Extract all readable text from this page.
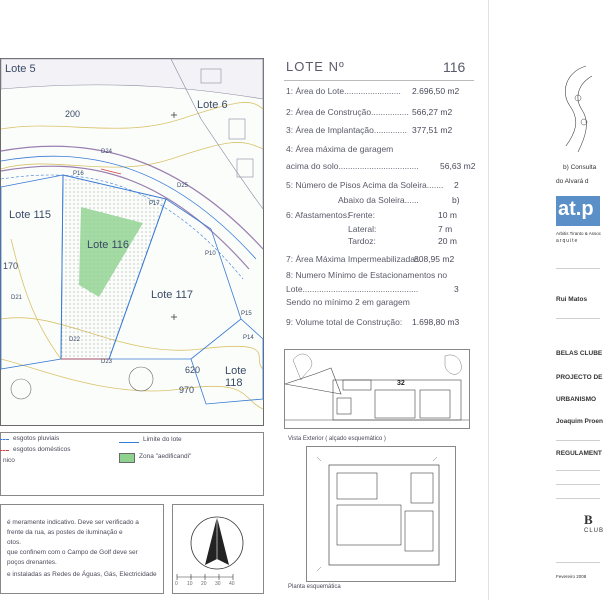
Lote 5
Lote 6
Lote 115
Lote 116
Lote 117
Lote 118
200
170
970
620
D21
D22
D23
D24
D25
P16
P17
P14
P15
P10
LOTE Nº	116
1: Área do Lote........................ 2.696,50 m2
2: Área de Construção................ 566,27 m2
3: Área de Implantação.............. 377,51 m2
4: Área máxima de garagem
acima do solo..................................	56,63 m2
5: Número de Pisos Acima da Soleira....... 2
Abaixo da Soleira......	b)
6: Afastamentos:
Frente:	10 m
Lateral:	7 m
Tardoz:	20 m
7: Área Máxima Impermeabilizada:.
808,95 m2
8: Numero Mínimo de Estacionamentos no
Lote.................................................	3
Sendo no mínimo 2 em garagem
9: Volume total de Construção: 1.698,80 m3
32
Vista Exterior ( alçado esquemático )
Planta esquemática
esgotos pluviais
esgotos domésticos
nico
Limite do lote
Zona "aedificandi"
é meramente indicativo. Deve ser verificado a
frente da rua, as postes de iluminação e
otos.
que confinem com o Campo de Golf deve ser
poços drenantes.
e instaladas as Redes de Águas, Gás, Electricidade
0 10 20 30 40
b) Consulta
do Alvará d
at.p
Arbitis Tiranto & Assoc
arquite
Rui Matos
BELAS CLUBE
PROJECTO DE
URBANISMO
Joaquim Proen
REGULAMENT
B
CLUB
Fevereiro 2008
